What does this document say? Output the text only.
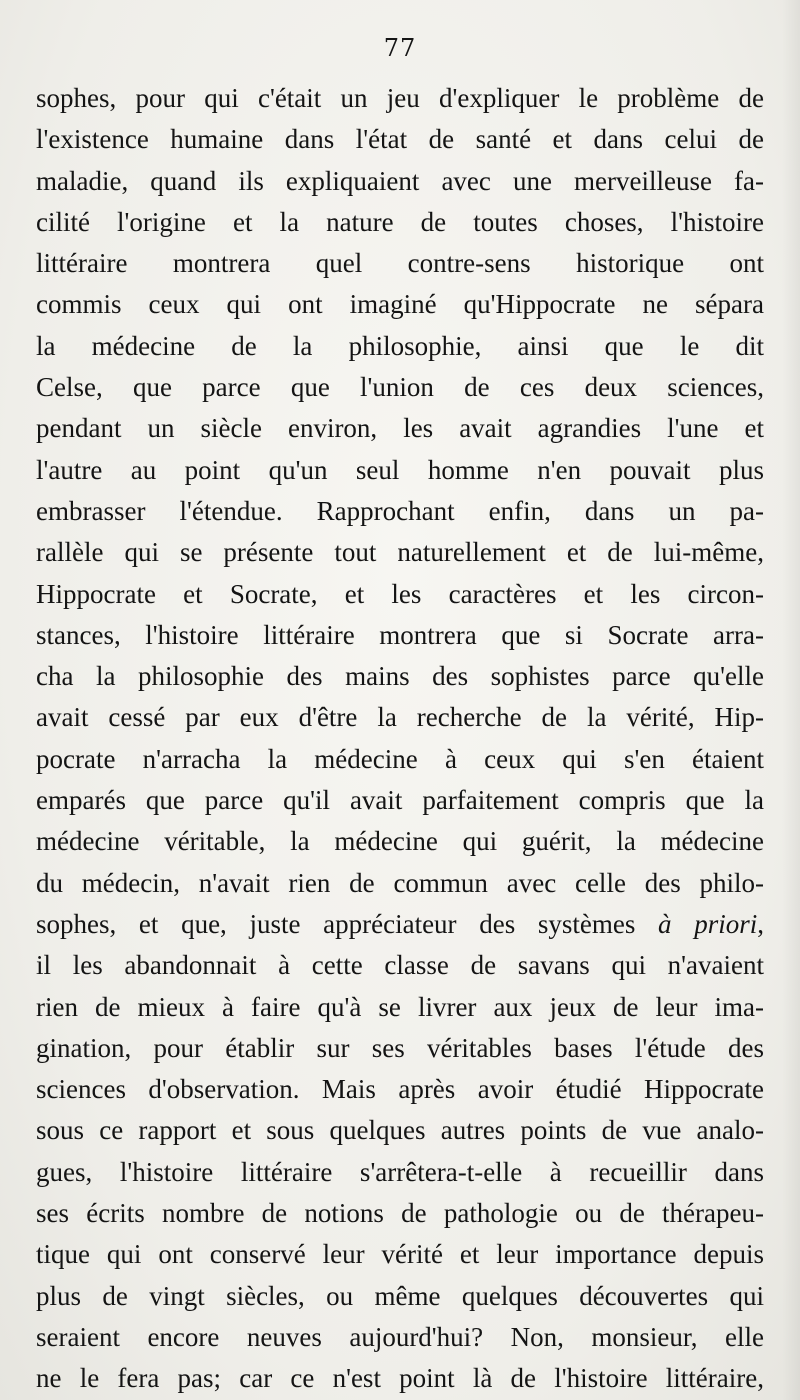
77
sophes, pour qui c'était un jeu d'expliquer le problème de
l'existence humaine dans l'état de santé et dans celui de
maladie, quand ils expliquaient avec une merveilleuse fa-
cilité l'origine et la nature de toutes choses, l'histoire
littéraire montrera quel contre-sens historique ont
commis ceux qui ont imaginé qu'Hippocrate ne sépara
la médecine de la philosophie, ainsi que le dit
Celse, que parce que l'union de ces deux sciences,
pendant un siècle environ, les avait agrandies l'une et
l'autre au point qu'un seul homme n'en pouvait plus
embrasser l'étendue. Rapprochant enfin, dans un pa-
rallèle qui se présente tout naturellement et de lui-même,
Hippocrate et Socrate, et les caractères et les circon-
stances, l'histoire littéraire montrera que si Socrate arra-
cha la philosophie des mains des sophistes parce qu'elle
avait cessé par eux d'être la recherche de la vérité, Hip-
pocrate n'arracha la médecine à ceux qui s'en étaient
emparés que parce qu'il avait parfaitement compris que la
médecine véritable, la médecine qui guérit, la médecine
du médecin, n'avait rien de commun avec celle des philo-
sophes, et que, juste appréciateur des systèmes à priori,
il les abandonnait à cette classe de savans qui n'avaient
rien de mieux à faire qu'à se livrer aux jeux de leur ima-
gination, pour établir sur ses véritables bases l'étude des
sciences d'observation. Mais après avoir étudié Hippocrate
sous ce rapport et sous quelques autres points de vue analo-
gues, l'histoire littéraire s'arrêtera-t-elle à recueillir dans
ses écrits nombre de notions de pathologie ou de thérapeu-
tique qui ont conservé leur vérité et leur importance depuis
plus de vingt siècles, ou même quelques découvertes qui
seraient encore neuves aujourd'hui? Non, monsieur, elle
ne le fera pas; car ce n'est point là de l'histoire littéraire,
